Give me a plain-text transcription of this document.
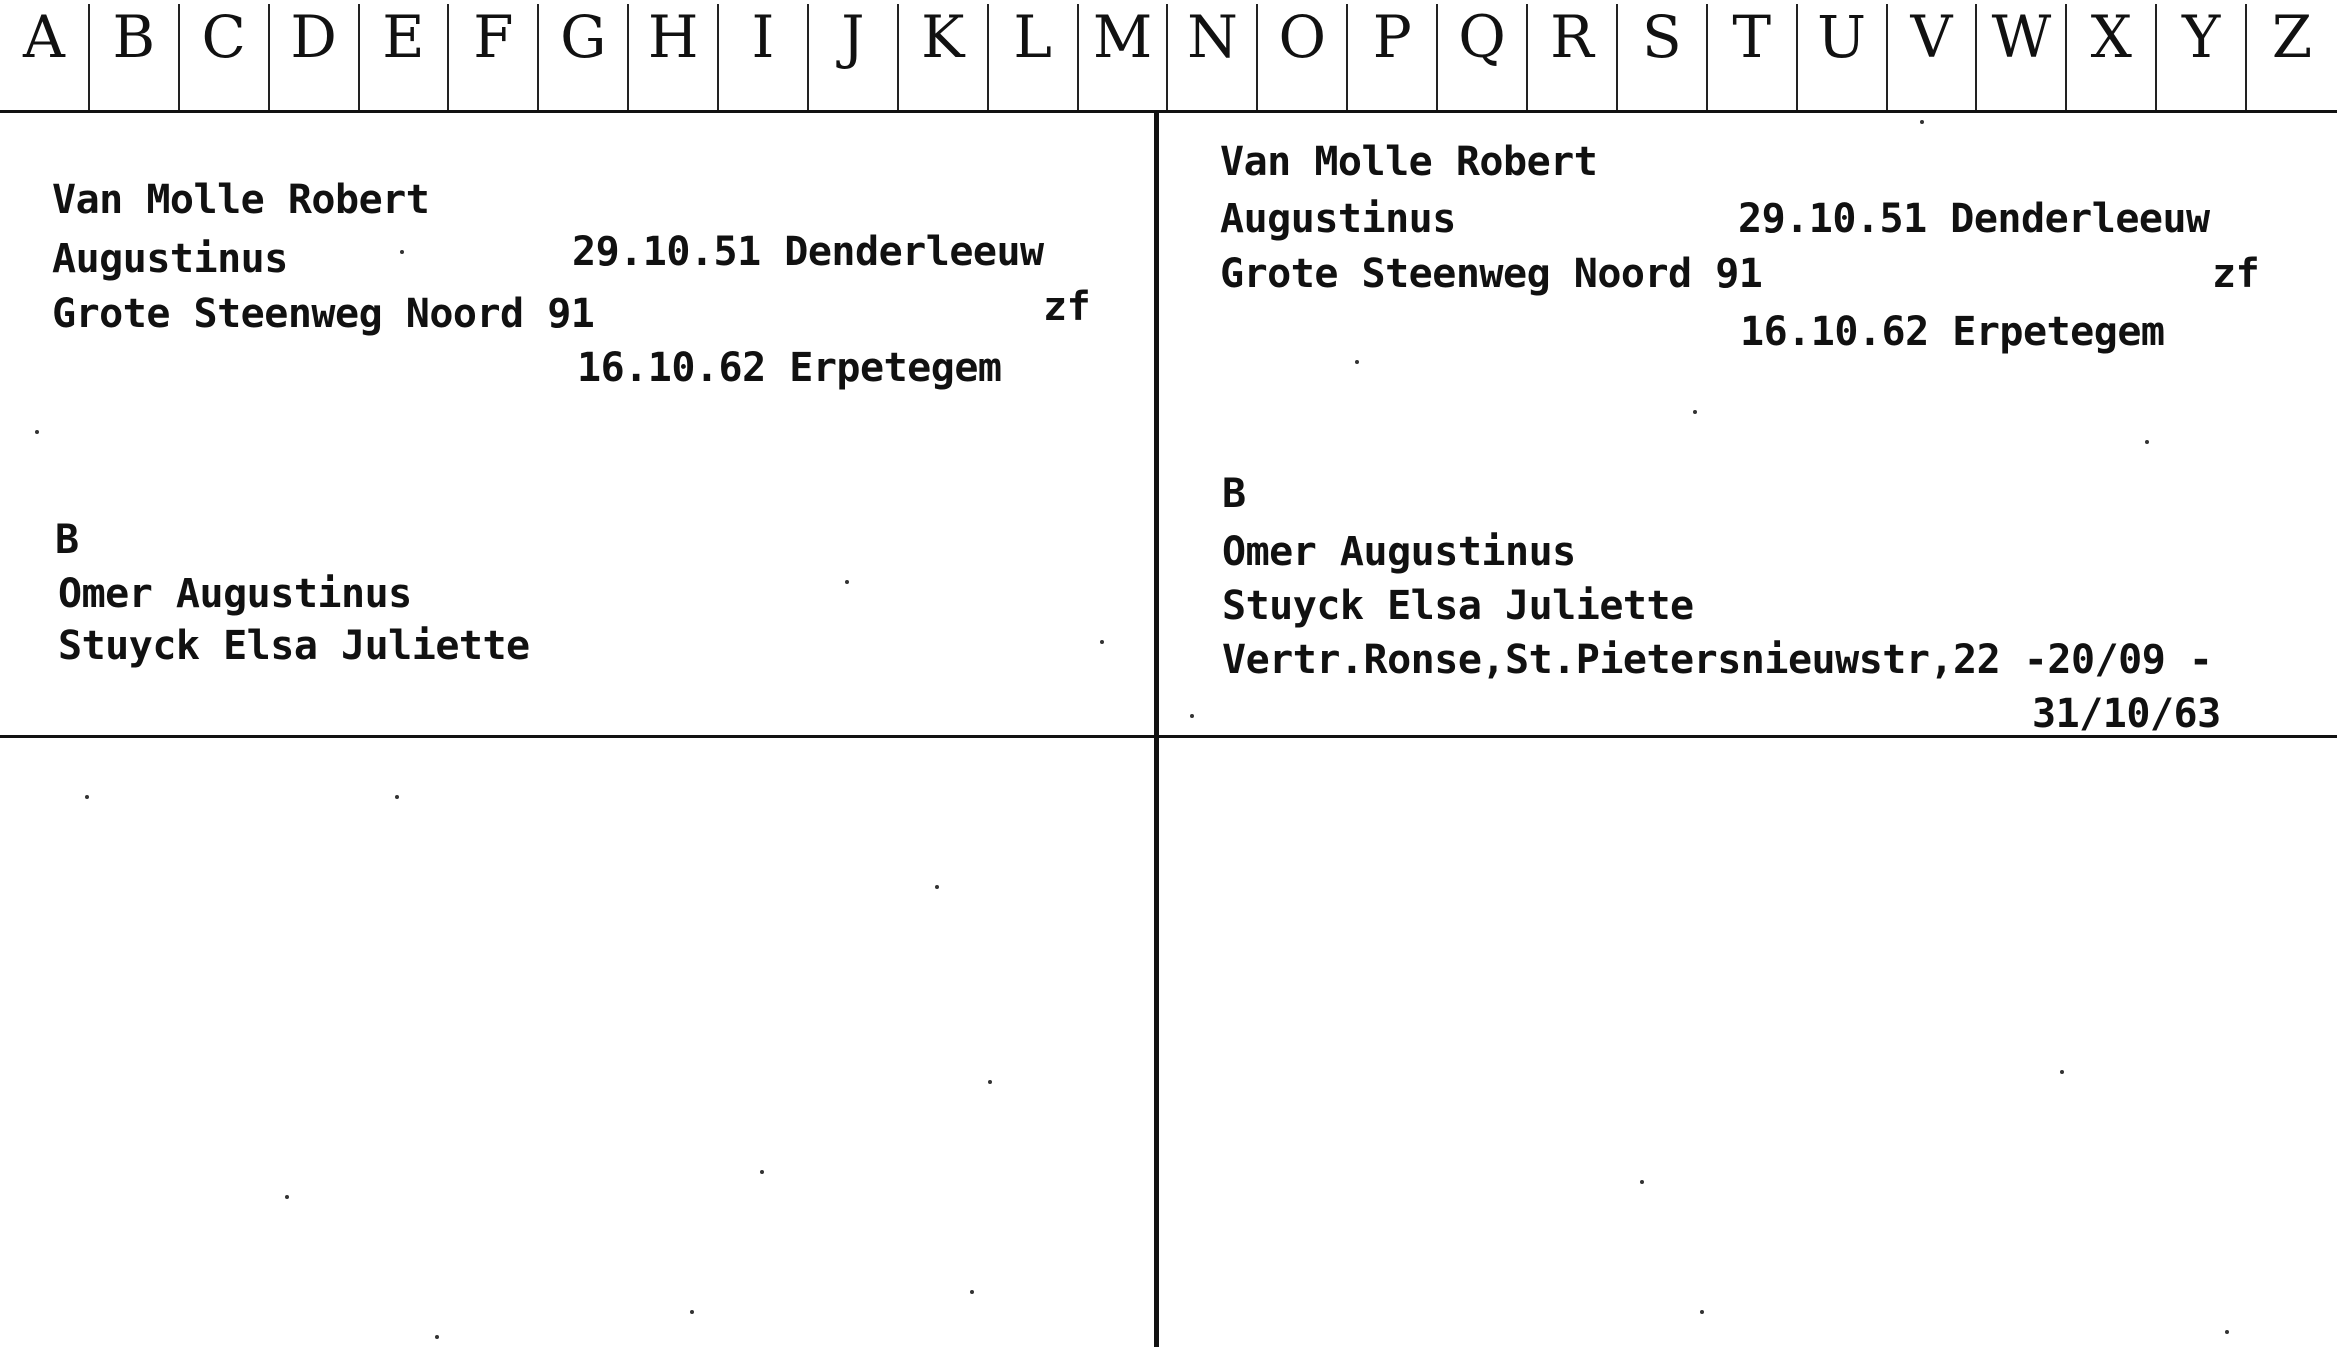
A B C D E F G H I	J K L M N O P Q R S T U V W X Y Z
Van Molle Robert
Augustinus	29.10.51 Denderleeuw
Grote Steenweg Noord 91	zf
16.10.62 Erpetegem
B
Omer Augustinus
Stuyck Elsa Juliette
Van Molle Robert
Augustinus	29.10.51 Denderleeuw
Grote Steenweg Noord 91	zf
16.10.62 Erpetegem
B
Omer Augustinus
Stuyck Elsa Juliette
Vertr.Ronse,St.Pietersnieuwstr,22 -20/09 -
31/10/63
